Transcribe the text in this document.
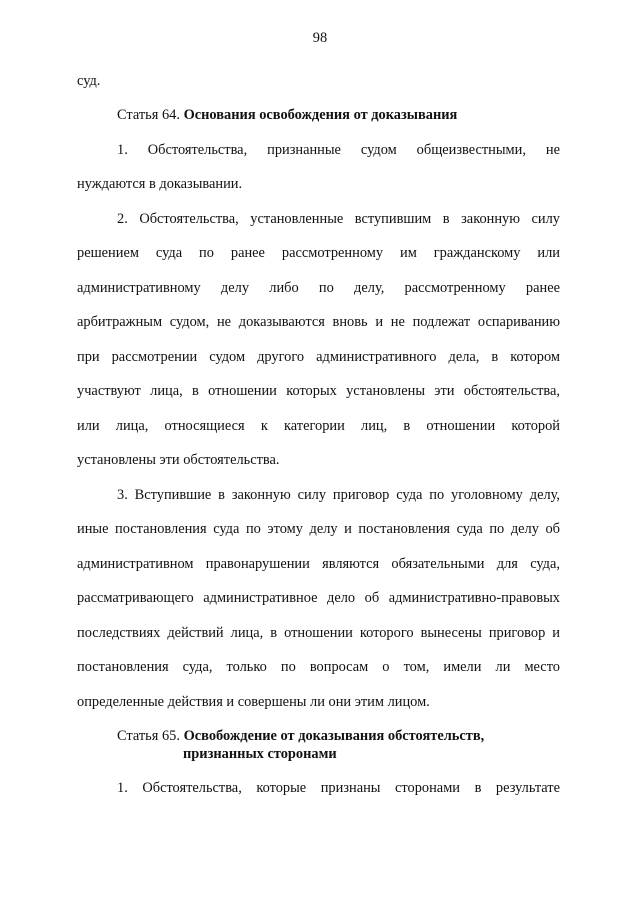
98
суд.
Статья 64. Основания освобождения от доказывания
1. Обстоятельства, признанные судом общеизвестными, не
нуждаются в доказывании.
2. Обстоятельства, установленные вступившим в законную силу
решением суда по ранее рассмотренному им гражданскому или
административному делу либо по делу, рассмотренному ранее
арбитражным судом, не доказываются вновь и не подлежат оспариванию
при рассмотрении судом другого административного дела, в котором
участвуют лица, в отношении которых установлены эти обстоятельства,
или лица, относящиеся к категории лиц, в отношении которой
установлены эти обстоятельства.
3. Вступившие в законную силу приговор суда по уголовному делу,
иные постановления суда по этому делу и постановления суда по делу об
административном правонарушении являются обязательными для суда,
рассматривающего административное дело об административно-правовых
последствиях действий лица, в отношении которого вынесены приговор и
постановления суда, только по вопросам о том, имели ли место
определенные действия и совершены ли они этим лицом.
Статья 65. Освобождение от доказывания обстоятельств,
признанных сторонами
1. Обстоятельства, которые признаны сторонами в результате
